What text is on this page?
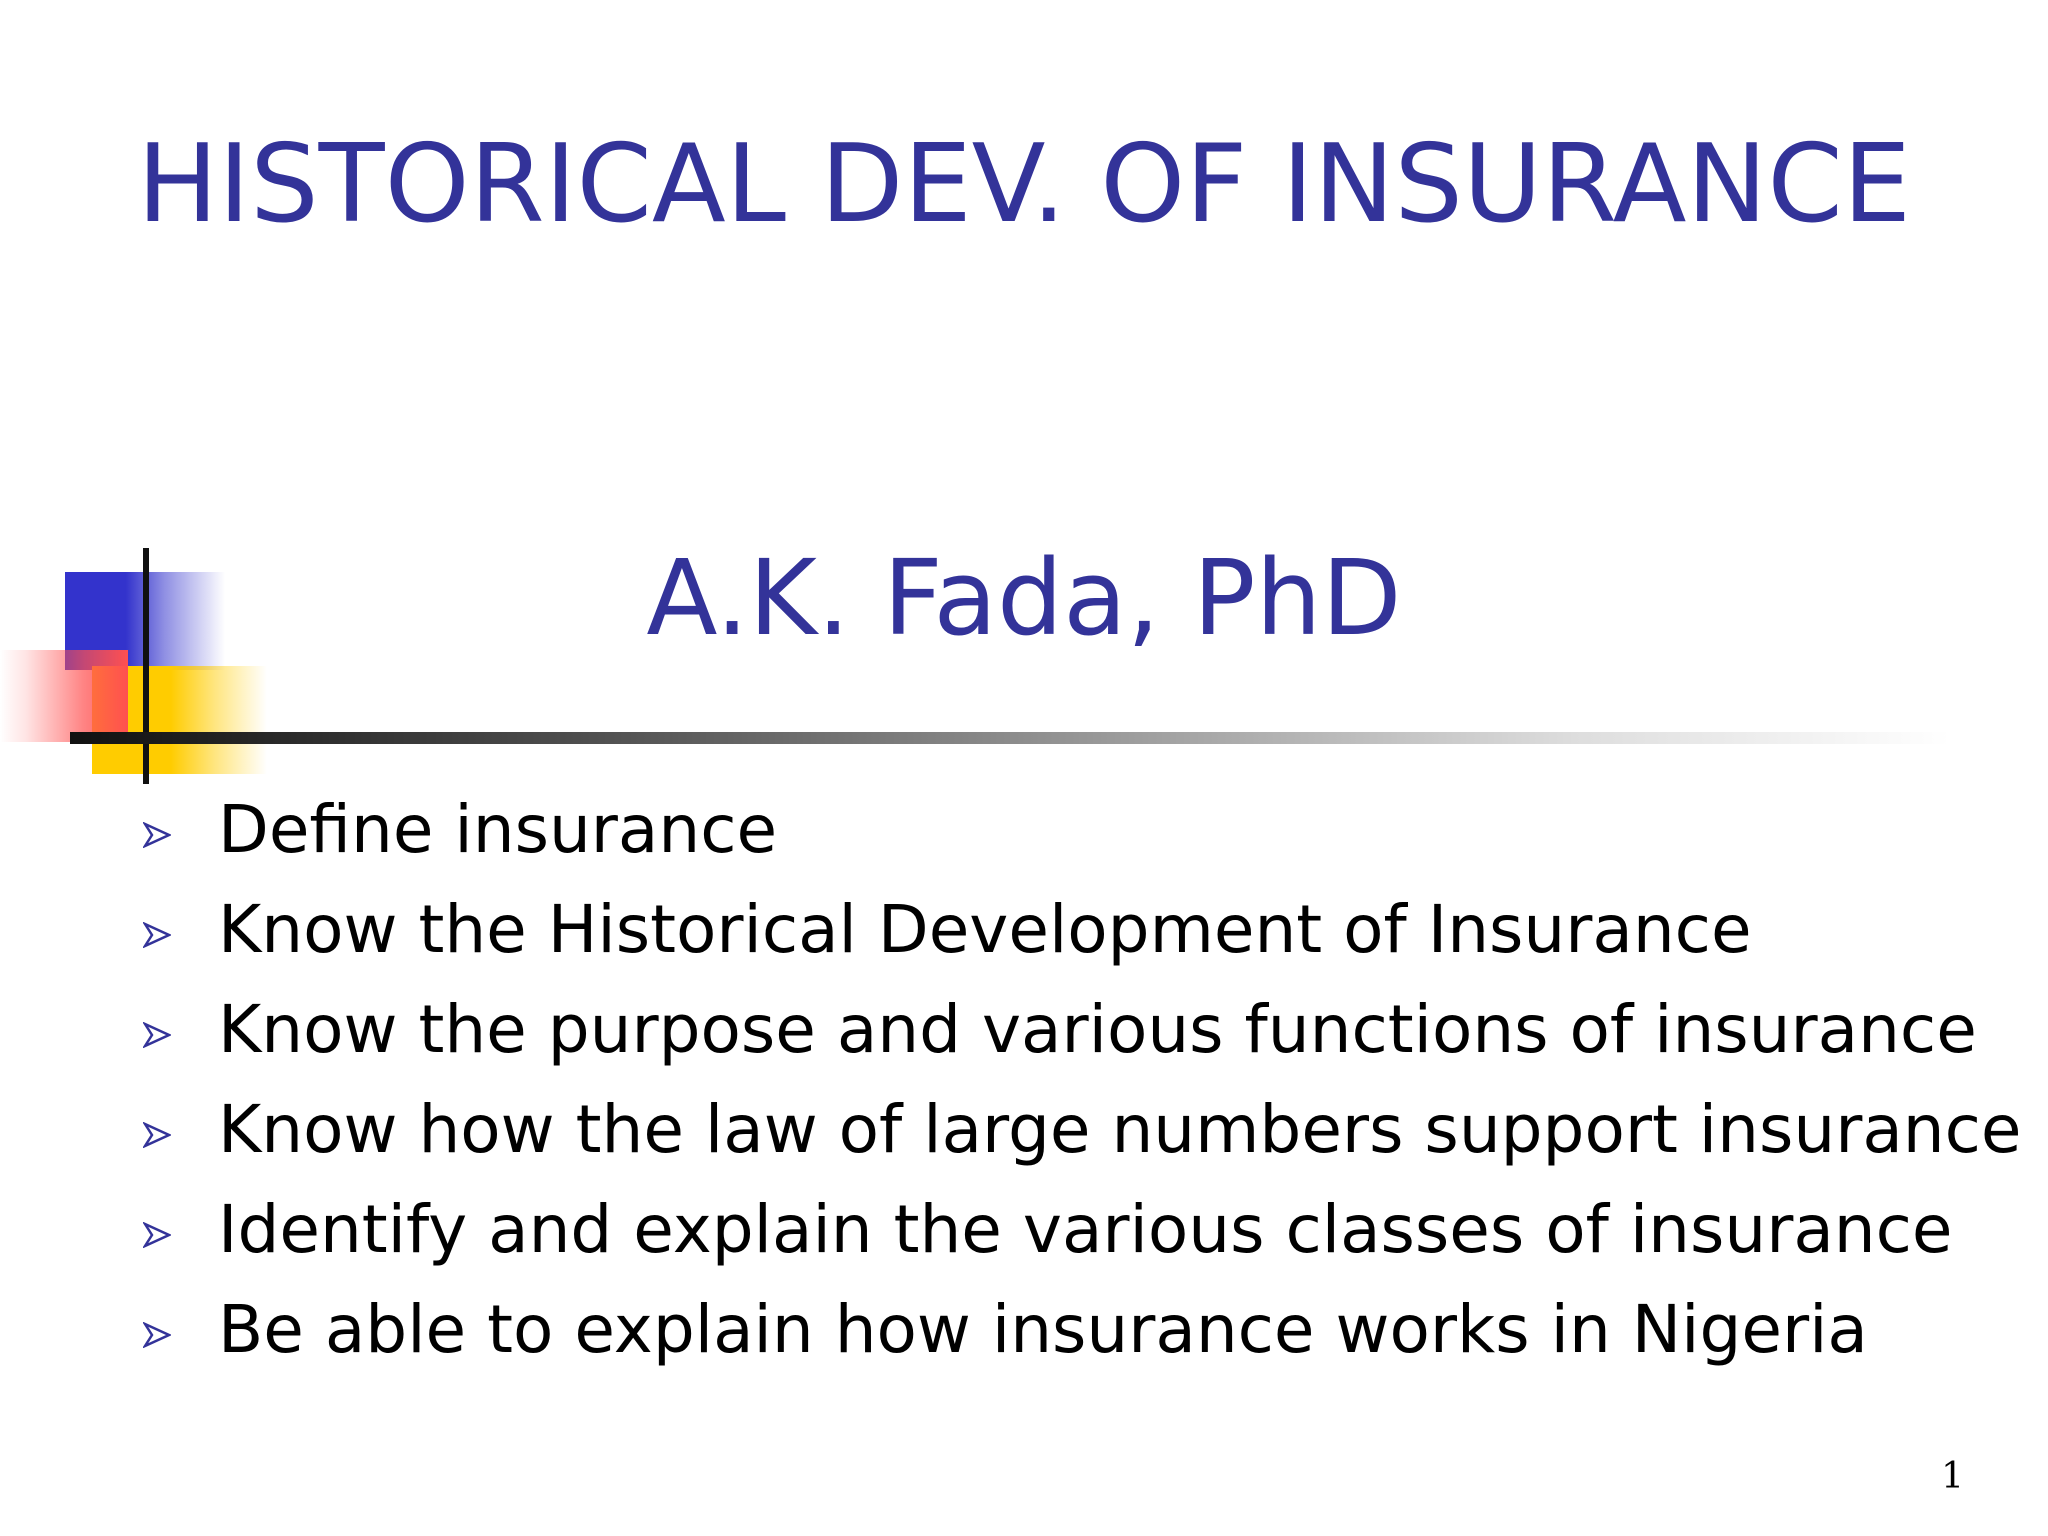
HISTORICAL DEV. OF INSURANCE
A.K. Fada, PhD
Define insurance
Know the Historical Development of Insurance
Know the purpose and various functions of insurance
Know how the law of large numbers support insurance
Identify and explain the various classes of insurance
Be able to explain how insurance works in Nigeria
1
